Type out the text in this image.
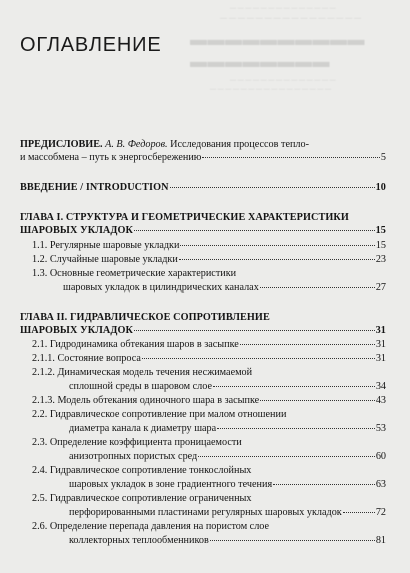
— — — — — — — — — — — — — —
— — — — — — — — — — — — — — — —
▬▬▬▬▬▬▬▬▬▬
▬▬▬▬▬▬▬▬
— — — — — — — — — — — — — —
— — — — — — — — — — — — — — — —
ОГЛАВЛЕНИЕ
ПРЕДИСЛОВИЕ. А. В. Федоров. Исследования процессов тепло-
и массобмена – путь к энергосбережению	5
ВВЕДЕНИЕ / INTRODUCTION	10
ГЛАВА I. СТРУКТУРА И ГЕОМЕТРИЧЕСКИЕ ХАРАКТЕРИСТИКИ
ШАРОВЫХ УКЛАДОК	15
1.1. Регулярные шаровые укладки	15
1.2. Случайные шаровые укладки	23
1.3. Основные геометрические характеристики
шаровых укладок в цилиндрических каналах	27
ГЛАВА II. ГИДРАВЛИЧЕСКОЕ СОПРОТИВЛЕНИЕ
ШАРОВЫХ УКЛАДОК	31
2.1. Гидродинамика обтекания шаров в засыпке	31
2.1.1. Состояние вопроса	31
2.1.2. Динамическая модель течения несжимаемой
сплошной среды в шаровом слое	34
2.1.3. Модель обтекания одиночного шара в засыпке	43
2.2. Гидравлическое сопротивление при малом отношении
диаметра канала к диаметру шара	53
2.3. Определение коэффициента проницаемости
анизотропных пористых сред	60
2.4. Гидравлическое сопротивление тонкослойных
шаровых укладок в зоне градиентного течения	63
2.5. Гидравлическое сопротивление ограниченных
перфорированными пластинами регулярных шаровых укладок	72
2.6. Определение перепада давления на пористом слое
коллекторных теплообменников	81
